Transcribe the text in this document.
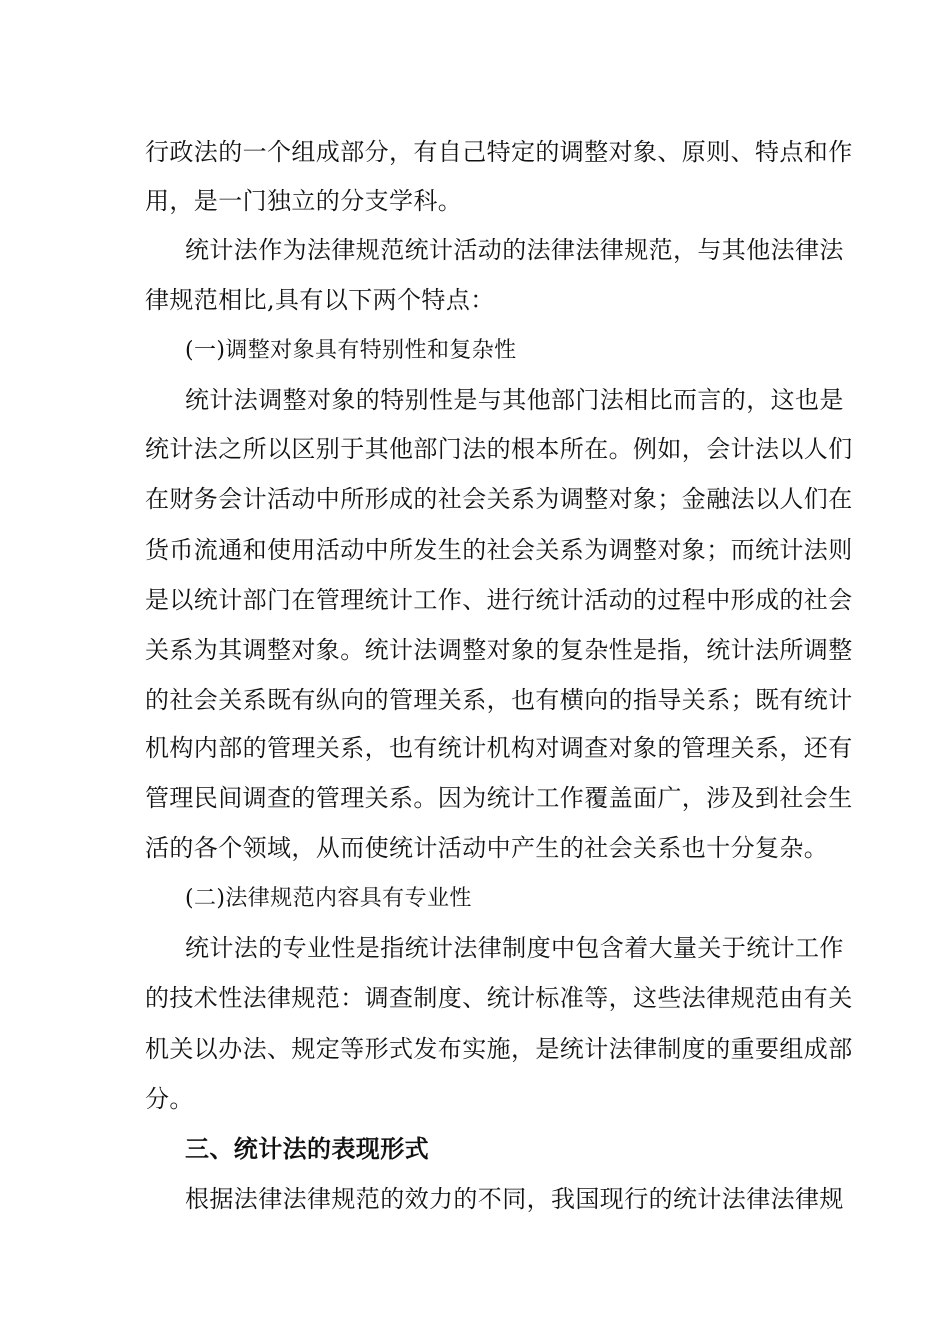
行政法的一个组成部分，有自己特定的调整对象、原则、特点和作
用，是一门独立的分支学科。
统计法作为法律规范统计活动的法律法律规范，与其他法律法
律规范相比,具有以下两个特点：
(一)调整对象具有特别性和复杂性
统计法调整对象的特别性是与其他部门法相比而言的，这也是
统计法之所以区别于其他部门法的根本所在。例如，会计法以人们
在财务会计活动中所形成的社会关系为调整对象；金融法以人们在
货币流通和使用活动中所发生的社会关系为调整对象；而统计法则
是以统计部门在管理统计工作、进行统计活动的过程中形成的社会
关系为其调整对象。统计法调整对象的复杂性是指，统计法所调整
的社会关系既有纵向的管理关系，也有横向的指导关系；既有统计
机构内部的管理关系，也有统计机构对调查对象的管理关系，还有
管理民间调查的管理关系。因为统计工作覆盖面广，涉及到社会生
活的各个领域，从而使统计活动中产生的社会关系也十分复杂。
(二)法律规范内容具有专业性
统计法的专业性是指统计法律制度中包含着大量关于统计工作
的技术性法律规范：调查制度、统计标准等，这些法律规范由有关
机关以办法、规定等形式发布实施，是统计法律制度的重要组成部
分。
三、统计法的表现形式
根据法律法律规范的效力的不同，我国现行的统计法律法律规
